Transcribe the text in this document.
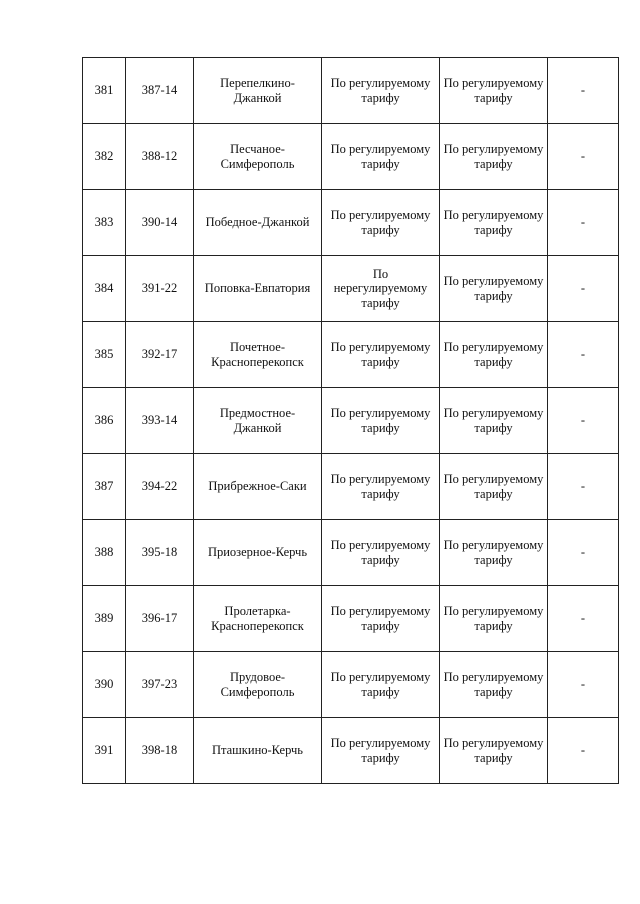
381	387-14	Перепелкино-Джанкой	По регулируемому тарифу	По регулируемому тарифу	-
382	388-12	Песчаное-Симферополь	По регулируемому тарифу	По регулируемому тарифу	-
383	390-14	Победное-Джанкой	По регулируемому тарифу	По регулируемому тарифу	-
384	391-22	Поповка-Евпатория	По нерегулируемому тарифу	По регулируемому тарифу	-
385	392-17	Почетное-Красноперекопск	По регулируемому тарифу	По регулируемому тарифу	-
386	393-14	Предмостное-Джанкой	По регулируемому тарифу	По регулируемому тарифу	-
387	394-22	Прибрежное-Саки	По регулируемому тарифу	По регулируемому тарифу	-
388	395-18	Приозерное-Керчь	По регулируемому тарифу	По регулируемому тарифу	-
389	396-17	Пролетарка-Красноперекопск	По регулируемому тарифу	По регулируемому тарифу	-
390	397-23	Прудовое-Симферополь	По регулируемому тарифу	По регулируемому тарифу	-
391	398-18	Пташкино-Керчь	По регулируемому тарифу	По регулируемому тарифу	-
